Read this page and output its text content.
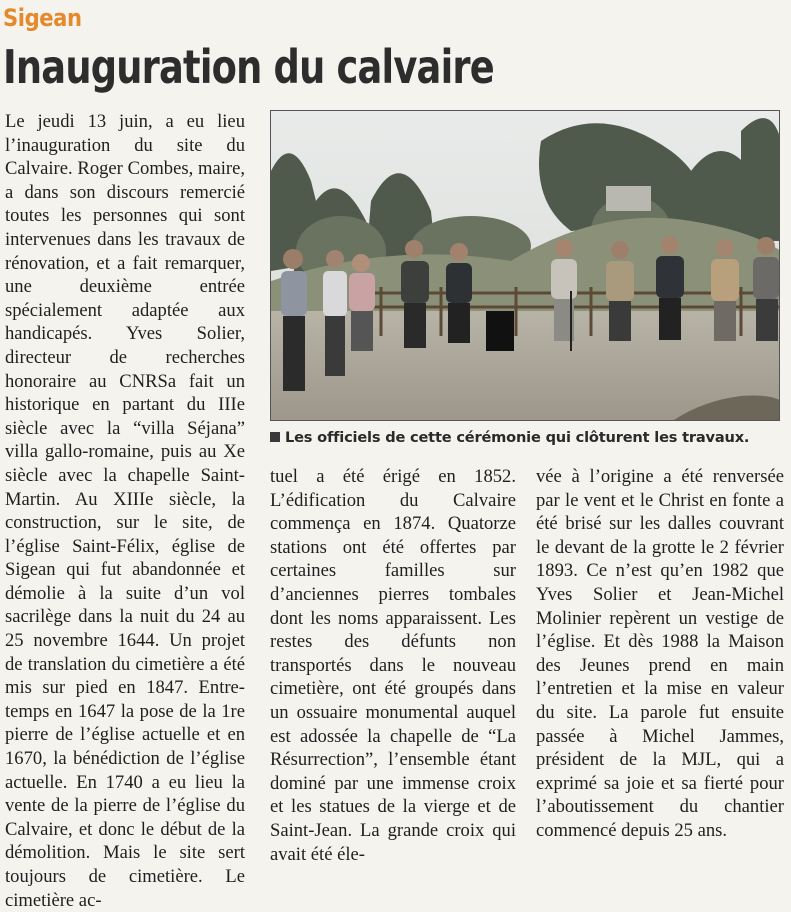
Sigean
Inauguration du calvaire

Le jeudi 13 juin, a eu lieu l’inauguration du site du Calvaire. Roger Combes, maire, a dans son discours remercié toutes les personnes qui sont intervenues dans les travaux de rénovation, et a fait remarquer, une deuxième entrée spécialement adaptée aux handicapés. Yves Solier, directeur de recherches honoraire au CNRSa fait un historique en partant du IIIe siècle avec la “villa Séjana” villa gallo-romaine, puis au Xe siècle avec la chapelle Saint-Martin. Au XIIIe siècle, la construction, sur le site, de l’église Saint-Félix, église de Sigean qui fut abandonnée et démolie à la suite d’un vol sacrilège dans la nuit du 24 au 25 novembre 1644. Un projet de translation du cimetière a été mis sur pied en 1847. Entre-temps en 1647 la pose de la 1re pierre de l’église actuelle et en 1670, la bénédiction de l’église actuelle. En 1740 a eu lieu la vente de la pierre de l’église du Calvaire, et donc le début de la démolition. Mais le site sert toujours de cimetière. Le cimetière ac-

Les officiels de cette cérémonie qui clôturent les travaux.

tuel a été érigé en 1852. L’édification du Calvaire commença en 1874. Quatorze stations ont été offertes par certaines familles sur d’anciennes pierres tombales dont les noms apparaissent. Les restes des défunts non transportés dans le nouveau cimetière, ont été groupés dans un ossuaire monumental auquel est adossée la chapelle de “La Résurrection”, l’ensemble étant dominé par une immense croix et les statues de la vierge et de Saint-Jean. La grande croix qui avait été éle-

vée à l’origine a été renversée par le vent et le Christ en fonte a été brisé sur les dalles couvrant le devant de la grotte le 2 février 1893. Ce n’est qu’en 1982 que Yves Solier et Jean-Michel Molinier repèrent un vestige de l’église. Et dès 1988 la Maison des Jeunes prend en main l’entretien et la mise en valeur du site. La parole fut ensuite passée à Michel Jammes, président de la MJL, qui a exprimé sa joie et sa fierté pour l’aboutissement du chantier commencé depuis 25 ans.
